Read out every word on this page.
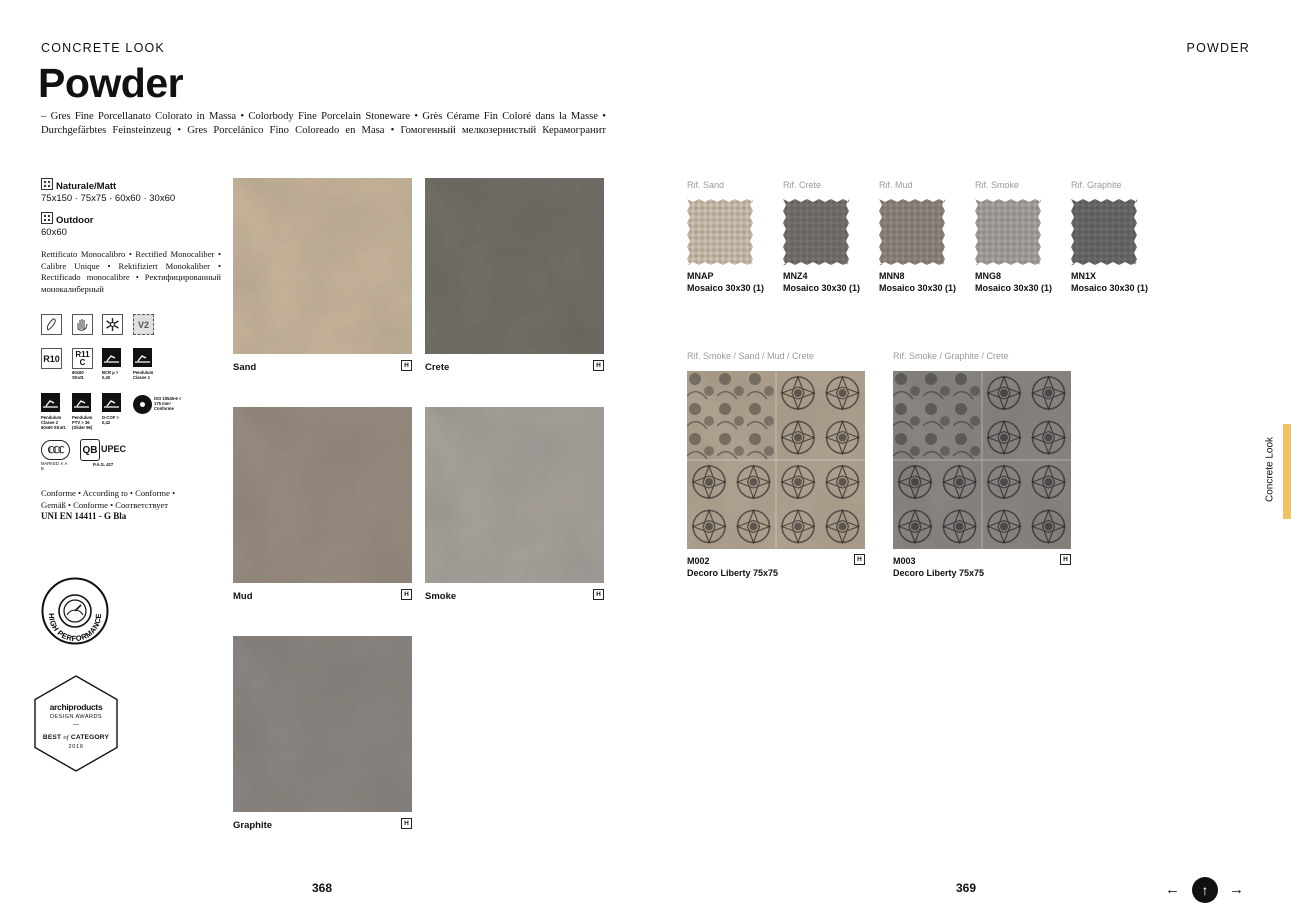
CONCRETE LOOK	POWDER
Powder
– Gres Fine Porcellanato Colorato in Massa • Colorbody Fine Porcelain Stoneware • Grès Cérame Fin Coloré dans la Masse • Durchgefärbtes Feinsteinzeug • Gres Porcelánico Fino Coloreado en Masa • Гомогенный мелкозернистый Керамогранит
Naturale/Matt
75x150 · 75x75 · 60x60 · 30x60
Outdoor
60x60
Rettificato Monocalibro • Rectified Monocaliber • Calibre Unique • Rektifiziert Monokaliber • Rectificado monocalibre • Ректифицированный монокалиберный
V2
R10	R11 C
60x60 Strutt.
BCR µ > 0,40
Pendulum Classe 1
Pendulum Classe 2 60x60 Strutt.
Pendulum PTV > 36 (Slider 96)
D-COF > 0,42
ISO 10545-6 < 175 mm³ Conforme
ℂℂℂ
MARKED ✕ A B
QB UPEC
P.A.G. 427
Conforme • According to • Conforme • Gemäß • Conforme • Соответствует
UNI EN 14411 - G Bla
HIGH PERFORMANCE
archiproducts
DESIGN AWARDS
—
BEST of CATEGORY
2016
Sand	H	Crete	H
Mud	H	Smoke	H
Graphite	H
Rif. Sand
MNAP
Mosaico 30x30 (1)
Rif. Crete
MNZ4
Mosaico 30x30 (1)
Rif. Mud
MNN8
Mosaico 30x30 (1)
Rif. Smoke
MNG8
Mosaico 30x30 (1)
Rif. Graphite
MN1X
Mosaico 30x30 (1)
Rif. Smoke / Sand / Mud / Crete
M002
Decoro Liberty 75x75
H
Rif. Smoke / Graphite / Crete
M003
Decoro Liberty 75x75
H
368	369	←	↑	→
Concrete Look
